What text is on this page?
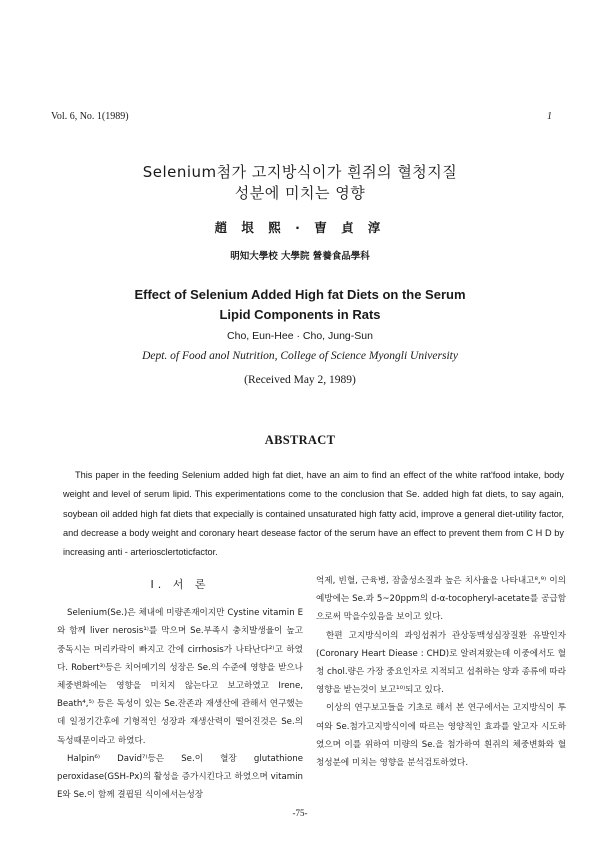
Vol. 6, No. 1(1989)	1
Selenium첨가 고지방식이가 흰쥐의 혈청지질
성분에 미치는 영향
趙 垠 熙 · 曺 貞 淳
明知大學校 大學院 營養食品學科
Effect of Selenium Added High fat Diets on the Serum
Lipid Components in Rats
Cho, Eun-Hee · Cho, Jung-Sun
Dept. of Food anol Nutrition, College of Science Myongli University
(Received May 2, 1989)
ABSTRACT

This paper in the feeding Selenium added high fat diet, have an aim to find an effect of the white rat'food intake, body weight and level of serum lipid. This experimentations come to the conclusion that Se. added high fat diets, to say again, soybean oil added high fat diets that expecially is contained unsaturated high fatty acid, improve a general diet-utility factor, and decrease a body weight and coronary heart desease factor of the serum have an effect to prevent them from C H D by increasing anti - arteriosclertoticfactor.

I. 서 론

Selenium(Se.)은 체내에 미량존재이지만 Cystine vitamin E와 함께 liver nerosis¹⁾를 막으며 Se.부족시 충치발생율이 높고 중독시는 머리카락이 빠지고 간에 cirrhosis가 나타난다²⁾고 하였다. Robert³⁾등은 치어메기의 성장은 Se.의 수준에 영향을 받으나체중변화에는 영향을 미치지 않는다고 보고하였고 Irene, Beath⁴,⁵⁾ 등은 독성이 있는 Se.잔존과 재생산에 관해서 연구했는데 일정기간후에 기형적인 성장과 재생산력이 떨어진것은 Se.의 독성때문이라고 하였다.

Halpin⁶⁾ David⁷⁾등은 Se.이 혈장 glutathione peroxidase(GSH-Px)의 활성을 증가시킨다고 하였으며 vitamin E와 Se.이 함께 결핍된 식이에서는성장

억제, 빈혈, 근육병, 잠출성소질과 높은 치사율을 나타내고⁸,⁹⁾ 이의 예방에는 Se.과 5~20ppm의 d-α-tocopheryl-acetate를 공급함으로써 막을수있음을 보이고 있다.

한편 고지방식이의 과잉섭취가 관상동맥성심장질환 유발인자(Coronary Heart Diease : CHD)로 알려져왔는데 이중에서도 혈청 chol.량은 가장 중요인자로 지적되고 섭취하는 양과 종류에 따라 영향을 받는것이 보고¹⁰⁾되고 있다.

이상의 연구보고들을 기초로 해서 본 연구에서는 고지방식이 투여와 Se.첨가고지방식이에 따르는 영양적인 효과를 알고자 시도하였으며 이를 위하여 미량의 Se.을 첨가하여 흰쥐의 체중변화와 혈청성분에 미치는 영향을 분석검토하였다.

-75-
